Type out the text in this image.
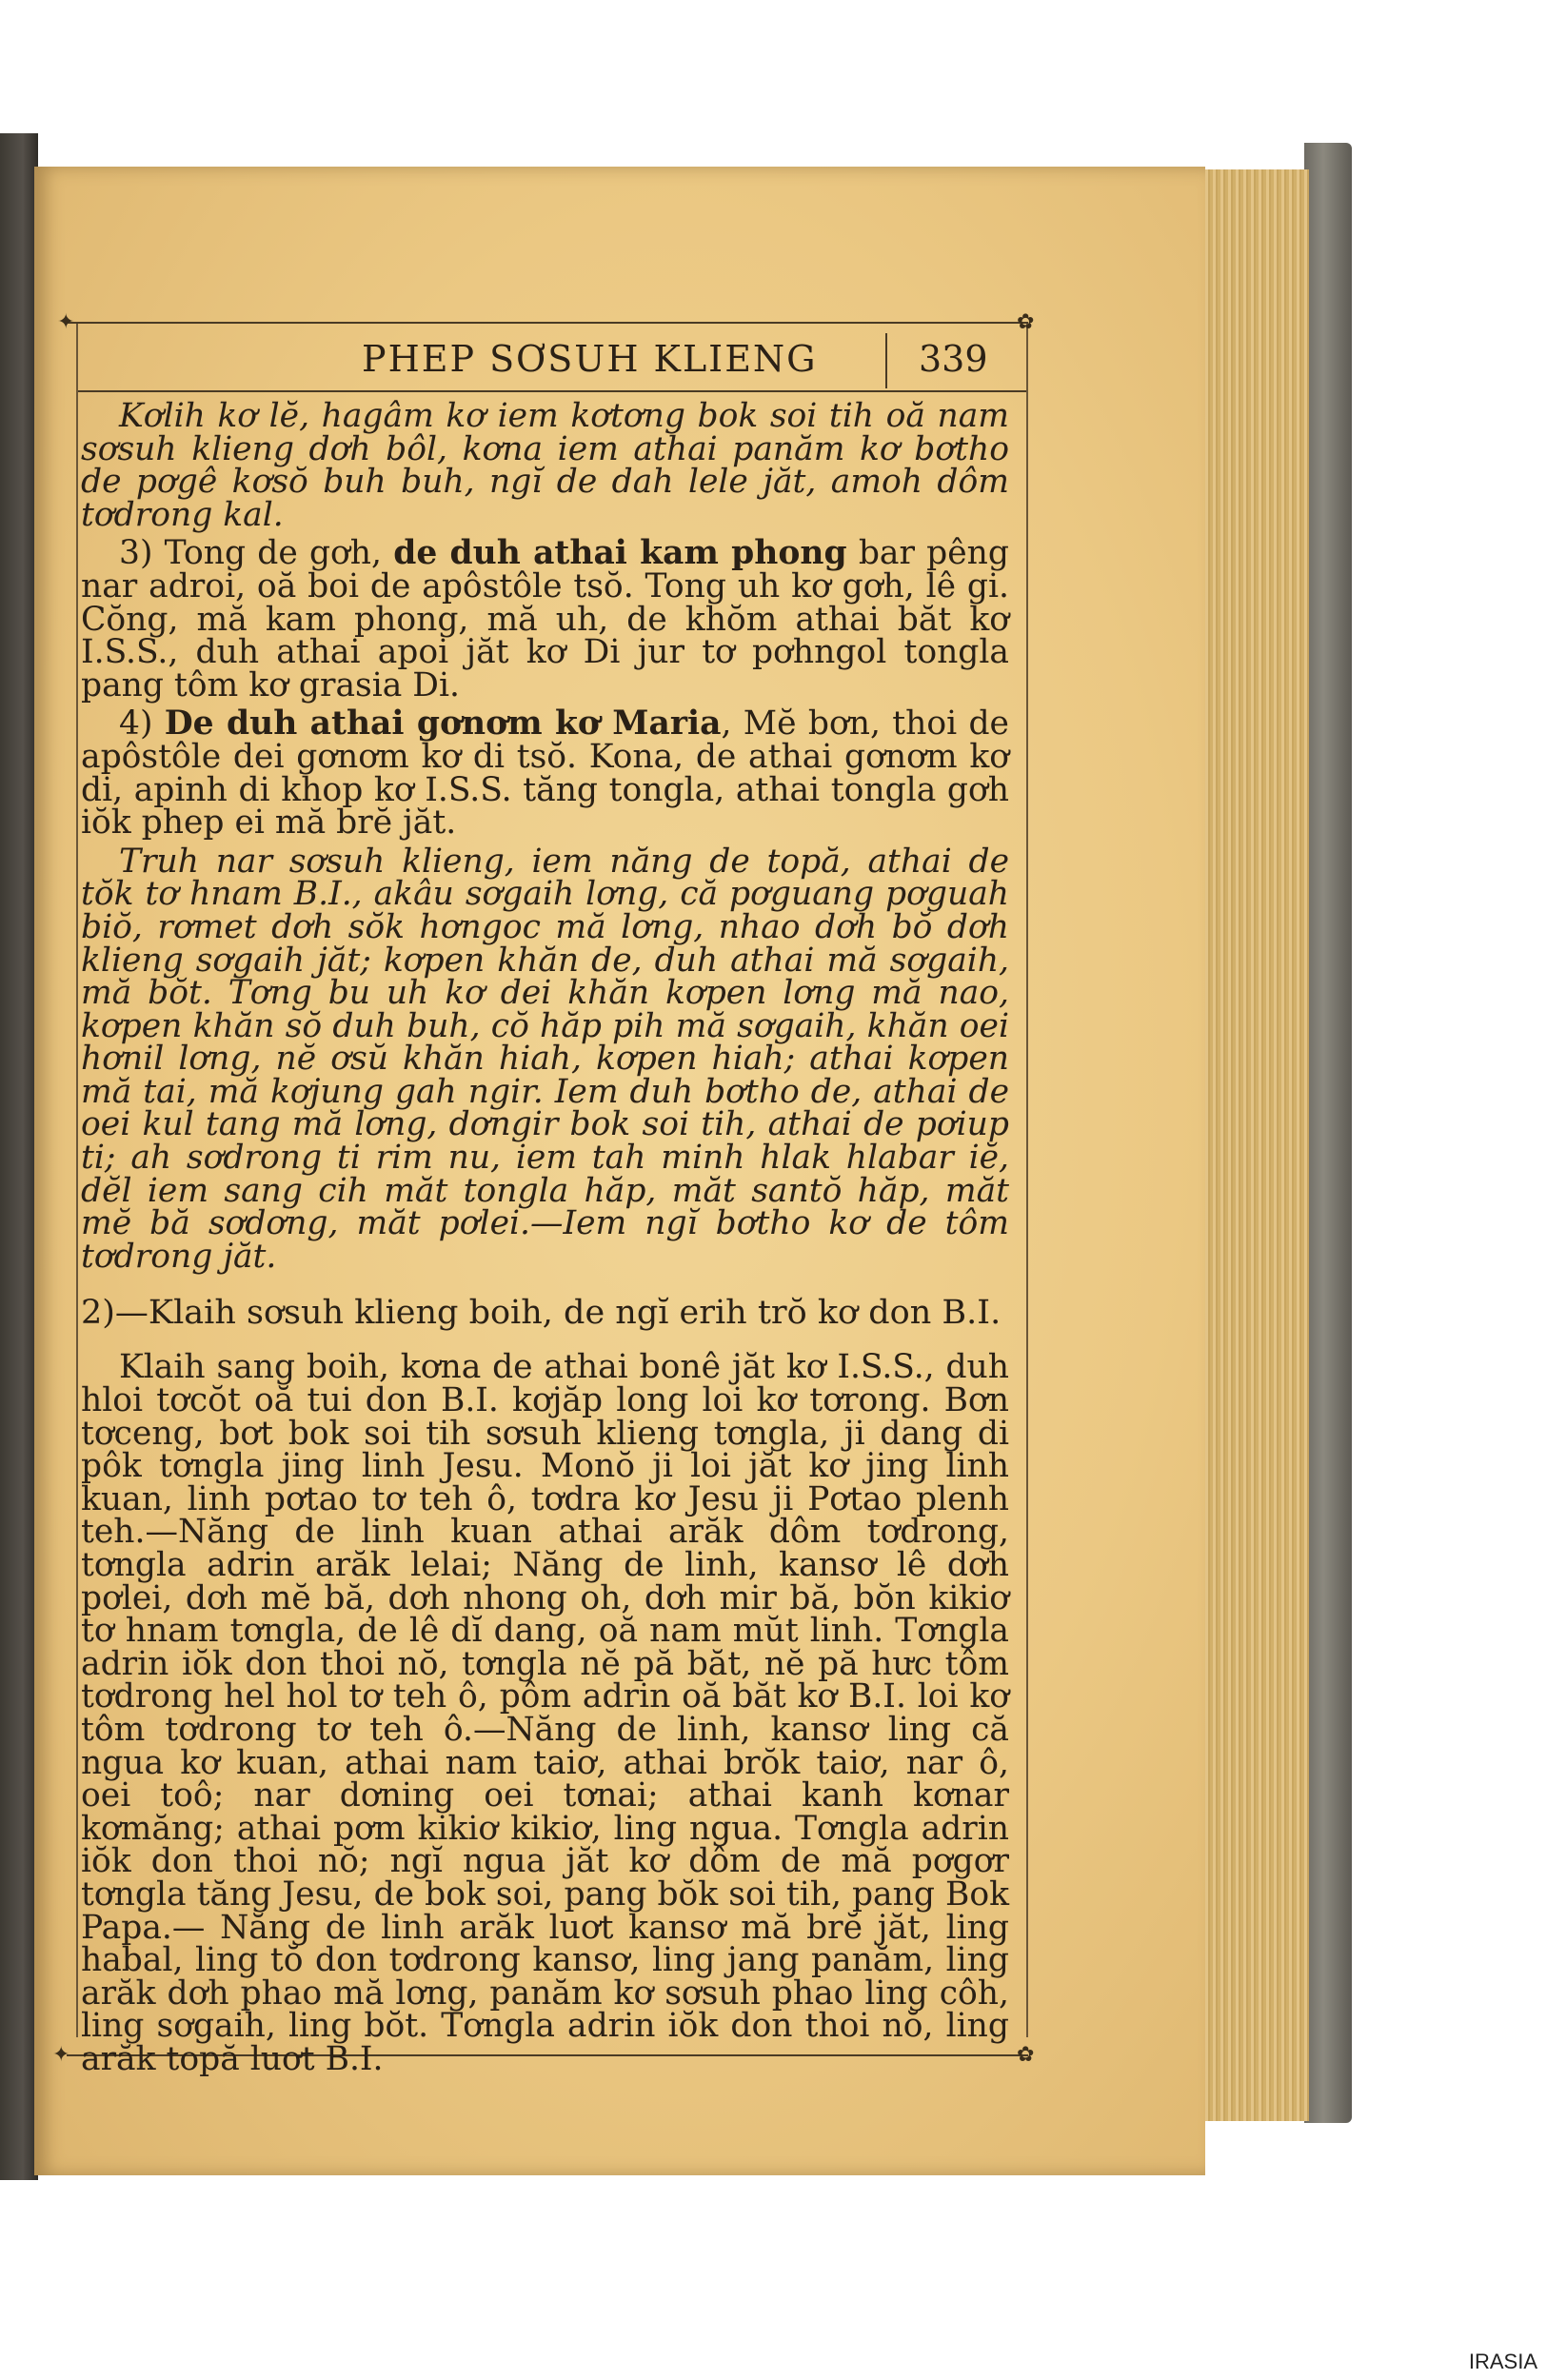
✦	✿
✦	✿
PHEP SƠSUH KLIENG	339

Kơlih kơ lĕ, hagâm kơ iem kơtơng bok soi tih oă nam sơsuh klieng dơh bôl, kơna iem athai panăm kơ bơtho de pơgê kơsŏ buh buh, ngĭ de dah lele jăt, amoh dôm tơdrong kal.

3) Tong de gơh, de duh athai kam phong bar pêng nar adroi, oă boi de apôstôle tsŏ. Tong uh kơ gơh, lê gi. Cŏng, mă kam phong, mă uh, de khŏm athai băt kơ I.S.S., duh athai apoi jăt kơ Di jur tơ pơhngol tongla pang tôm kơ grasia Di.

4) De duh athai gơnơm kơ Maria, Mĕ bơn, thoi de apôstôle dei gơnơm kơ di tsŏ. Kona, de athai gơnơm kơ di, apinh di khop kơ I.S.S. tăng tongla, athai tongla gơh iŏk phep ei mă brĕ jăt.

Truh nar sơsuh klieng, iem năng de topă, athai de tŏk tơ hnam B.I., akâu sơgaih lơng, că pơguang pơguah biŏ, rơmet dơh sŏk hơngoc mă lơng, nhao dơh bŏ dơh klieng sơgaih jăt; kơpen khăn de, duh athai mă sơgaih, mă bŏt. Tơng bu uh kơ dei khăn kơpen lơng mă nao, kơpen khăn sŏ duh buh, cŏ hăp pih mă sơgaih, khăn oei hơnil lơng, nĕ ơsŭ khăn hiah, kơpen hiah; athai kơpen mă tai, mă kơjung gah ngir. Iem duh bơtho de, athai de oei kul tang mă lơng, dơngir bok soi tih, athai de pơiup ti; ah sơdrong ti rim nu, iem tah minh hlak hlabar iĕ, dĕl iem sang cih măt tongla hăp, măt santŏ hăp, măt mĕ bă sơdơng, măt pơlei.—Iem ngĭ bơtho kơ de tôm tơdrong jăt.

2)—Klaih sơsuh klieng boih, de ngĭ erih trŏ kơ don B.I.

Klaih sang boih, kơna de athai bonê jăt kơ I.S.S., duh hloi tơcŏt oă tui don B.I. kơjăp long loi kơ tơrong. Bơn tơceng, bơt bok soi tih sơsuh klieng tơngla, ji dang di pôk tơngla jing linh Jesu. Monŏ ji loi jăt kơ jing linh kuan, linh pơtao tơ teh ô, tơdra kơ Jesu ji Pơtao plenh teh.—Năng de linh kuan athai arăk dôm tơdrong, tơngla adrin arăk lelai; Năng de linh, kansơ lê dơh pơlei, dơh mĕ bă, dơh nhong oh, dơh mir bă, bŏn kikiơ tơ hnam tơngla, de lê dĭ dang, oă nam mŭt linh. Tơngla adrin iŏk don thoi nŏ, tơngla nĕ pă băt, nĕ pă hưc tôm tơdrong hel hol tơ teh ô, pôm adrin oă băt kơ B.I. loi kơ tôm tơdrong tơ teh ô.—Năng de linh, kansơ ling că ngua kơ kuan, athai nam taiơ, athai brŏk taiơ, nar ô, oei toô; nar dơning oei tơnai; athai kanh kơnar kơmăng; athai pơm kikiơ kikiơ, ling ngua. Tơngla adrin iŏk don thoi nŏ; ngĭ ngua jăt kơ dôm de mă pơgơr tơngla tăng Jesu, de bok soi, pang bŏk soi tih, pang Bok Papa.— Năng de linh arăk luơt kansơ mă brĕ jăt, ling habal, ling tŏ don tơdrong kansơ, ling jang panăm, ling arăk dơh phao mă lơng, panăm kơ sơsuh phao ling côh, ling sơgaih, ling bŏt. Tơngla adrin iŏk don thoi nŏ, ling arăk topă luơt B.I.

IRASIA
